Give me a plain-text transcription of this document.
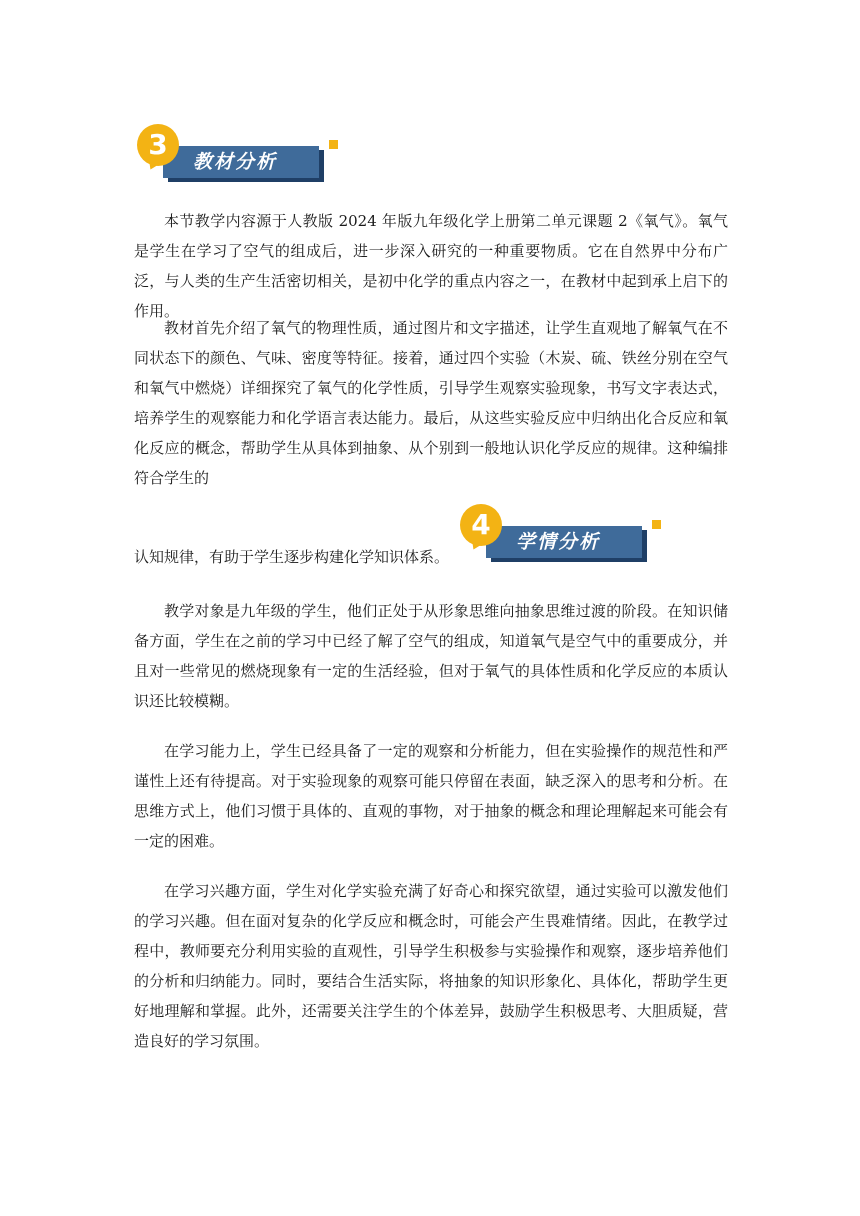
教材分析
3

本节教学内容源于人教版 2024 年版九年级化学上册第二单元课题 2《氧气》。氧气是学生在学习了空气的组成后，进一步深入研究的一种重要物质。它在自然界中分布广泛，与人类的生产生活密切相关，是初中化学的重点内容之一，在教材中起到承上启下的作用。

教材首先介绍了氧气的物理性质，通过图片和文字描述，让学生直观地了解氧气在不同状态下的颜色、气味、密度等特征。接着，通过四个实验（木炭、硫、铁丝分别在空气和氧气中燃烧）详细探究了氧气的化学性质，引导学生观察实验现象，书写文字表达式，培养学生的观察能力和化学语言表达能力。最后，从这些实验反应中归纳出化合反应和氧化反应的概念，帮助学生从具体到抽象、从个别到一般地认识化学反应的规律。这种编排符合学生的

认知规律，有助于学生逐步构建化学知识体系。

学情分析
4

教学对象是九年级的学生，他们正处于从形象思维向抽象思维过渡的阶段。在知识储备方面，学生在之前的学习中已经了解了空气的组成，知道氧气是空气中的重要成分，并且对一些常见的燃烧现象有一定的生活经验，但对于氧气的具体性质和化学反应的本质认识还比较模糊。

在学习能力上，学生已经具备了一定的观察和分析能力，但在实验操作的规范性和严谨性上还有待提高。对于实验现象的观察可能只停留在表面，缺乏深入的思考和分析。在思维方式上，他们习惯于具体的、直观的事物，对于抽象的概念和理论理解起来可能会有一定的困难。

在学习兴趣方面，学生对化学实验充满了好奇心和探究欲望，通过实验可以激发他们的学习兴趣。但在面对复杂的化学反应和概念时，可能会产生畏难情绪。因此，在教学过程中，教师要充分利用实验的直观性，引导学生积极参与实验操作和观察，逐步培养他们的分析和归纳能力。同时，要结合生活实际，将抽象的知识形象化、具体化，帮助学生更好地理解和掌握。此外，还需要关注学生的个体差异，鼓励学生积极思考、大胆质疑，营造良好的学习氛围。
